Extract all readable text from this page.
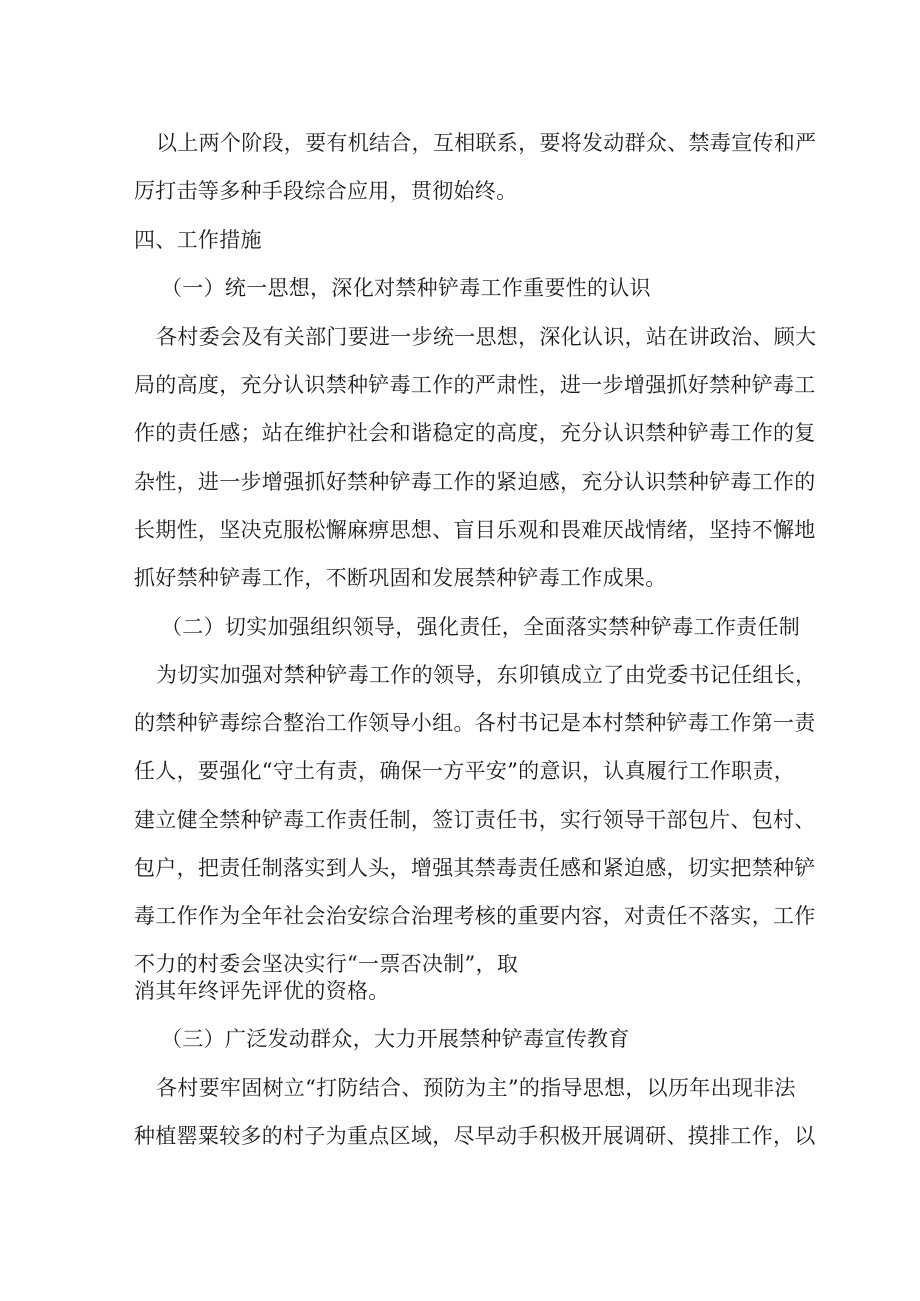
以上两个阶段，要有机结合，互相联系，要将发动群众、禁毒宣传和严
厉打击等多种手段综合应用，贯彻始终。
四、工作措施
（一）统一思想，深化对禁种铲毒工作重要性的认识
各村委会及有关部门要进一步统一思想，深化认识，站在讲政治、顾大
局的高度，充分认识禁种铲毒工作的严肃性，进一步增强抓好禁种铲毒工
作的责任感；站在维护社会和谐稳定的高度，充分认识禁种铲毒工作的复
杂性，进一步增强抓好禁种铲毒工作的紧迫感，充分认识禁种铲毒工作的
长期性，坚决克服松懈麻痹思想、盲目乐观和畏难厌战情绪，坚持不懈地
抓好禁种铲毒工作，不断巩固和发展禁种铲毒工作成果。
（二）切实加强组织领导，强化责任，全面落实禁种铲毒工作责任制
为切实加强对禁种铲毒工作的领导，东卯镇成立了由党委书记任组长，
的禁种铲毒综合整治工作领导小组。各村书记是本村禁种铲毒工作第一责
任人，要强化“守土有责，确保一方平安”的意识，认真履行工作职责，
建立健全禁种铲毒工作责任制，签订责任书，实行领导干部包片、包村、
包户，把责任制落实到人头，增强其禁毒责任感和紧迫感，切实把禁种铲
毒工作作为全年社会治安综合治理考核的重要内容，对责任不落实，工作
不力的村委会坚决实行“一票否决制”，取
消其年终评先评优的资格。
（三）广泛发动群众，大力开展禁种铲毒宣传教育
各村要牢固树立“打防结合、预防为主”的指导思想，以历年出现非法
种植罂粟较多的村子为重点区域，尽早动手积极开展调研、摸排工作，以
